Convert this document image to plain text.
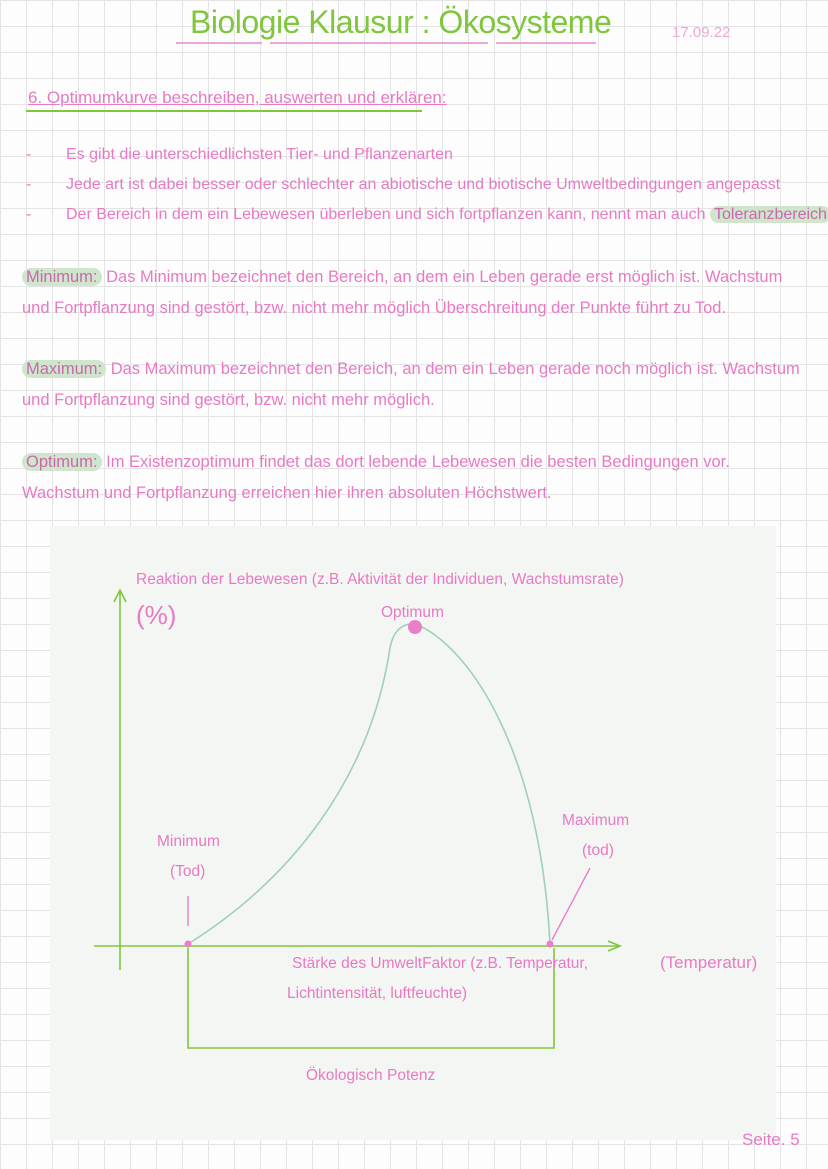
Biologie Klausur : Ökosysteme	17.09.22
6. Optimumkurve beschreiben, auswerten und erklären:
- Es gibt die unterschiedlichsten Tier- und Pflanzenarten
- Jede art ist dabei besser oder schlechter an abiotische und biotische Umweltbedingungen angepasst
- Der Bereich in dem ein Lebewesen überleben und sich fortpflanzen kann, nennt man auch Toleranzbereich
Minimum: Das Minimum bezeichnet den Bereich, an dem ein Leben gerade erst möglich ist. Wachstum und Fortpflanzung sind gestört, bzw. nicht mehr möglich Überschreitung der Punkte führt zu Tod.
Maximum: Das Maximum bezeichnet den Bereich, an dem ein Leben gerade noch möglich ist. Wachstum und Fortpflanzung sind gestört, bzw. nicht mehr möglich.
Optimum: Im Existenzoptimum findet das dort lebende Lebewesen die besten Bedingungen vor. Wachstum und Fortpflanzung erreichen hier ihren absoluten Höchstwert.
Reaktion der Lebewesen (z.B. Aktivität der Individuen, Wachstumsrate)
(%)	Optimum
Minimum
(Tod)
Maximum
(tod)
Stärke des UmweltFaktor (z.B. Temperatur,
Lichtintensität, luftfeuchte)
(Temperatur)
Ökologisch Potenz
Seite. 5
